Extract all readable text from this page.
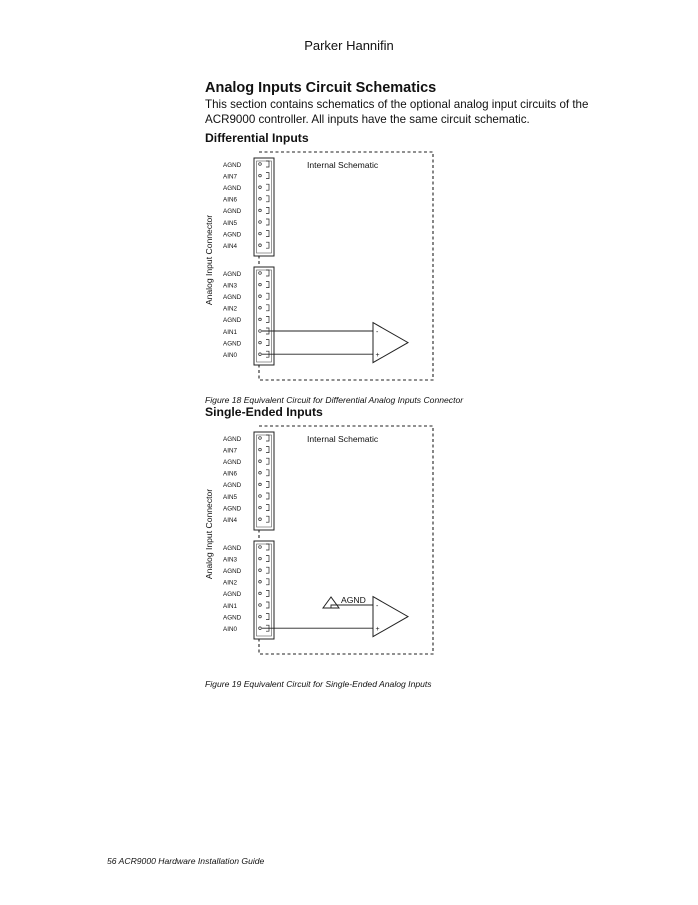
Parker Hannifin
Analog Inputs Circuit Schematics
This section contains schematics of the optional analog input circuits of the ACR9000 controller. All inputs have the same circuit schematic.
Differential Inputs
Internal Schematic
Analog Input Connector
AGND
AIN7
AGND
AIN6
AGND
AIN5
AGND
AIN4
AGND
AIN3
AGND
AIN2
AGND
AIN1
AGND
AIN0
-
+
Figure 18 Equivalent Circuit for Differential Analog Inputs Connector
Single-Ended Inputs
Internal Schematic
Analog Input Connector
AGND
AIN7
AGND
AIN6
AGND
AIN5
AGND
AIN4
AGND
AIN3
AGND
AIN2
AGND
AIN1
AGND
AIN0
-
+
AGND
Figure 19 Equivalent Circuit for Single-Ended Analog Inputs
56 ACR9000 Hardware Installation Guide
